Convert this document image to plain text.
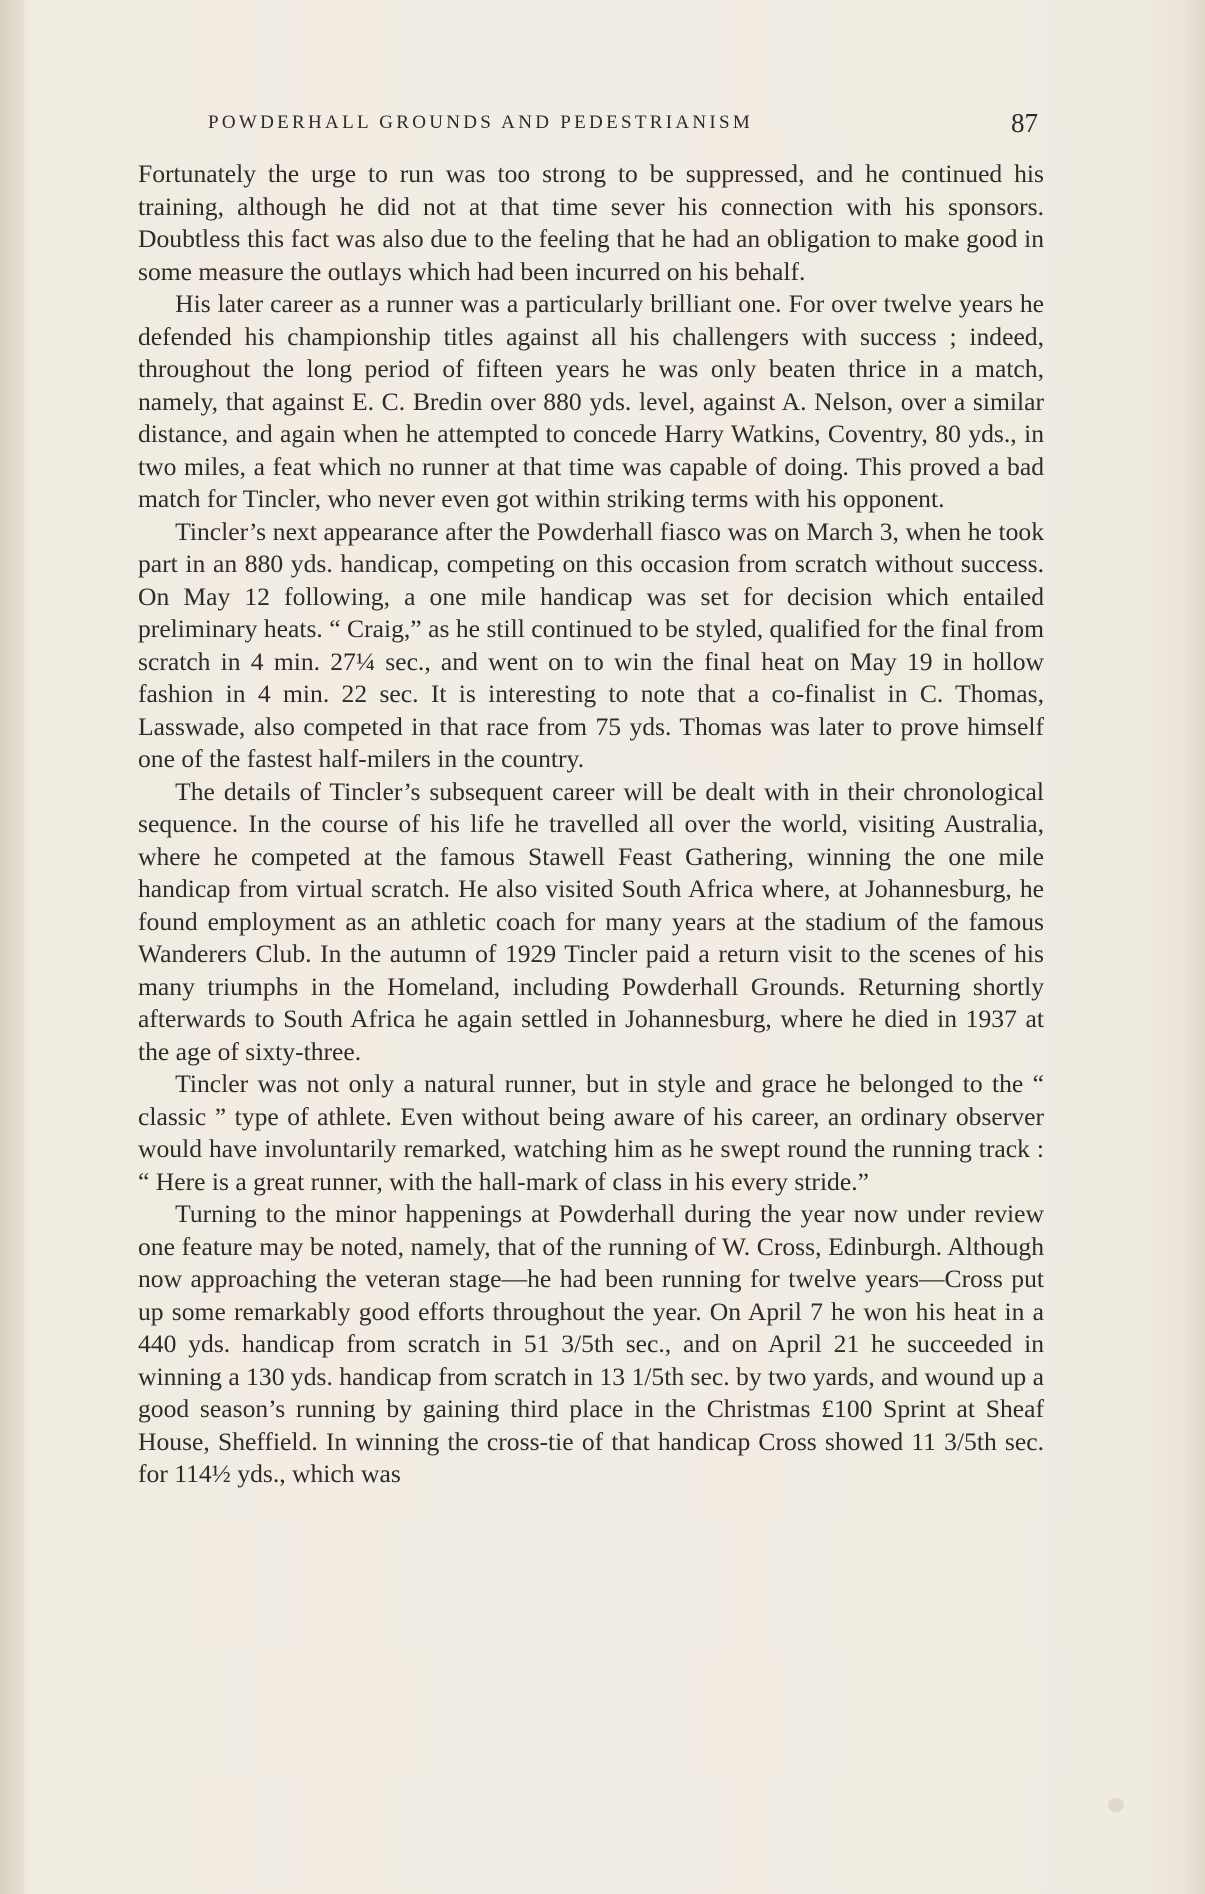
POWDERHALL GROUNDS AND PEDESTRIANISM	87

Fortunately the urge to run was too strong to be suppressed, and he continued his training, although he did not at that time sever his connection with his sponsors. Doubtless this fact was also due to the feeling that he had an obligation to make good in some measure the outlays which had been incurred on his behalf.

His later career as a runner was a particularly brilliant one. For over twelve years he defended his championship titles against all his challengers with success ; indeed, throughout the long period of fifteen years he was only beaten thrice in a match, namely, that against E. C. Bredin over 880 yds. level, against A. Nelson, over a similar distance, and again when he attempted to concede Harry Watkins, Coventry, 80 yds., in two miles, a feat which no runner at that time was capable of doing. This proved a bad match for Tincler, who never even got within striking terms with his opponent.

Tincler’s next appearance after the Powderhall fiasco was on March 3, when he took part in an 880 yds. handicap, competing on this occasion from scratch without success. On May 12 following, a one mile handicap was set for decision which entailed preliminary heats. “ Craig,” as he still continued to be styled, qualified for the final from scratch in 4 min. 27¼ sec., and went on to win the final heat on May 19 in hollow fashion in 4 min. 22 sec. It is interesting to note that a co-finalist in C. Thomas, Lasswade, also competed in that race from 75 yds. Thomas was later to prove himself one of the fastest half-milers in the country.

The details of Tincler’s subsequent career will be dealt with in their chronological sequence. In the course of his life he travelled all over the world, visiting Australia, where he competed at the famous Stawell Feast Gathering, winning the one mile handicap from virtual scratch. He also visited South Africa where, at Johannesburg, he found employment as an athletic coach for many years at the stadium of the famous Wanderers Club. In the autumn of 1929 Tincler paid a return visit to the scenes of his many triumphs in the Homeland, including Powderhall Grounds. Returning shortly afterwards to South Africa he again settled in Johannesburg, where he died in 1937 at the age of sixty-three.

Tincler was not only a natural runner, but in style and grace he belonged to the “ classic ” type of athlete. Even without being aware of his career, an ordinary observer would have involuntarily remarked, watching him as he swept round the running track : “ Here is a great runner, with the hall-mark of class in his every stride.”

Turning to the minor happenings at Powderhall during the year now under review one feature may be noted, namely, that of the running of W. Cross, Edinburgh. Although now approaching the veteran stage—he had been running for twelve years—Cross put up some remarkably good efforts throughout the year. On April 7 he won his heat in a 440 yds. handicap from scratch in 51 3/5th sec., and on April 21 he succeeded in winning a 130 yds. handicap from scratch in 13 1/5th sec. by two yards, and wound up a good season’s running by gaining third place in the Christmas £100 Sprint at Sheaf House, Sheffield. In winning the cross-tie of that handicap Cross showed 11 3/5th sec. for 114½ yds., which was
